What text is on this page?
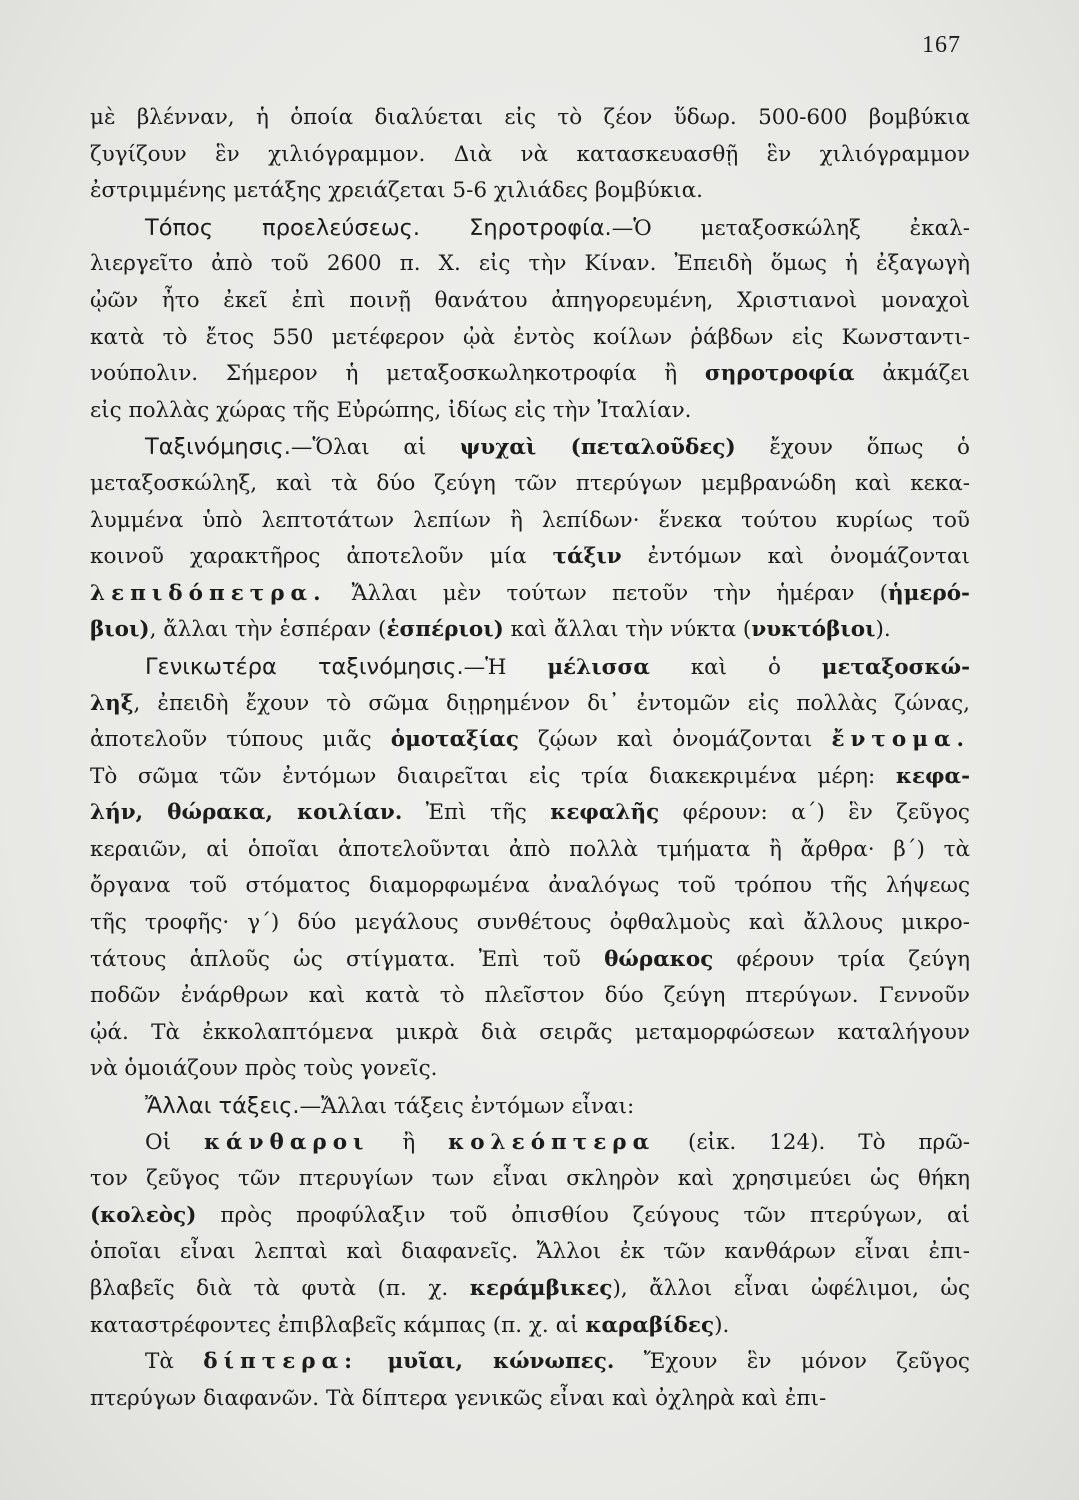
167
μὲ βλένναν, ἡ ὁποία διαλύεται εἰς τὸ ζέον ὕδωρ. 500-600 βομβύκια
ζυγίζουν ἓν χιλιόγραμμον. Διὰ νὰ κατασκευασθῇ ἓν χιλιόγραμμον
ἐστριμμένης μετάξης χρειάζεται 5-6 χιλιάδες βομβύκια.
Τόπος προελεύσεως. Σηροτροφία.—Ὁ μεταξοσκώληξ ἐκαλ-
λιεργεῖτο ἀπὸ τοῦ 2600 π. Χ. εἰς τὴν Κίναν. Ἐπειδὴ ὅμως ἡ ἐξαγωγὴ
ᾠῶν ἦτο ἐκεῖ ἐπὶ ποινῇ θανάτου ἀπηγορευμένη, Χριστιανοὶ μοναχοὶ
κατὰ τὸ ἔτος 550 μετέφερον ᾠὰ ἐντὸς κοίλων ῥάβδων εἰς Κωνσταντι-
νούπολιν. Σήμερον ἡ μεταξοσκωληκοτροφία ἢ σηροτροφία ἀκμάζει
εἰς πολλὰς χώρας τῆς Εὐρώπης, ἰδίως εἰς τὴν Ἰταλίαν.
Ταξινόμησις.—Ὅλαι αἱ ψυχαὶ (πεταλοῦδες) ἔχουν ὅπως ὁ
μεταξοσκώληξ, καὶ τὰ δύο ζεύγη τῶν πτερύγων μεμβρανώδη καὶ κεκα-
λυμμένα ὑπὸ λεπτοτάτων λεπίων ἢ λεπίδων· ἕνεκα τούτου κυρίως τοῦ
κοινοῦ χαρακτῆρος ἀποτελοῦν μία τάξιν ἐντόμων καὶ ὀνομάζονται
λεπιδόπετρα. Ἄλλαι μὲν τούτων πετοῦν τὴν ἡμέραν (ἡμερό-
βιοι), ἄλλαι τὴν ἑσπέραν (ἑσπέριοι) καὶ ἄλλαι τὴν νύκτα (νυκτόβιοι).
Γενικωτέρα ταξινόμησις.—Ἡ μέλισσα καὶ ὁ μεταξοσκώ-
ληξ, ἐπειδὴ ἔχουν τὸ σῶμα διῃρημένον δι᾿ ἐντομῶν εἰς πολλὰς ζώνας,
ἀποτελοῦν τύπους μιᾶς ὁμοταξίας ζῴων καὶ ὀνομάζονται ἔντομα.
Τὸ σῶμα τῶν ἐντόμων διαιρεῖται εἰς τρία διακεκριμένα μέρη: κεφα-
λήν, θώρακα, κοιλίαν. Ἐπὶ τῆς κεφαλῆς φέρουν: α΄) ἓν ζεῦγος
κεραιῶν, αἱ ὁποῖαι ἀποτελοῦνται ἀπὸ πολλὰ τμήματα ἢ ἄρθρα· β΄) τὰ
ὄργανα τοῦ στόματος διαμορφωμένα ἀναλόγως τοῦ τρόπου τῆς λήψεως
τῆς τροφῆς· γ΄) δύο μεγάλους συνθέτους ὀφθαλμοὺς καὶ ἄλλους μικρο-
τάτους ἁπλοῦς ὡς στίγματα. Ἐπὶ τοῦ θώρακος φέρουν τρία ζεύγη
ποδῶν ἐνάρθρων καὶ κατὰ τὸ πλεῖστον δύο ζεύγη πτερύγων. Γεννοῦν
ᾠά. Τὰ ἐκκολαπτόμενα μικρὰ διὰ σειρᾶς μεταμορφώσεων καταλήγουν
νὰ ὁμοιάζουν πρὸς τοὺς γονεῖς.
Ἄλλαι τάξεις.—Ἄλλαι τάξεις ἐντόμων εἶναι:
Οἱ κάνθαροι ἢ κολεόπτερα (εἰκ. 124). Τὸ πρῶ-
τον ζεῦγος τῶν πτερυγίων των εἶναι σκληρὸν καὶ χρησιμεύει ὡς θήκη
(κολεὸς) πρὸς προφύλαξιν τοῦ ὀπισθίου ζεύγους τῶν πτερύγων, αἱ
ὁποῖαι εἶναι λεπταὶ καὶ διαφανεῖς. Ἄλλοι ἐκ τῶν κανθάρων εἶναι ἐπι-
βλαβεῖς διὰ τὰ φυτὰ (π. χ. κεράμβικες), ἄλλοι εἶναι ὠφέλιμοι, ὡς
καταστρέφοντες ἐπιβλαβεῖς κάμπας (π. χ. αἱ καραβίδες).
Τὰ δίπτερα: μυῖαι, κώνωπες. Ἔχουν ἓν μόνον ζεῦγος
πτερύγων διαφανῶν. Τὰ δίπτερα γενικῶς εἶναι καὶ ὀχληρὰ καὶ ἐπι-
